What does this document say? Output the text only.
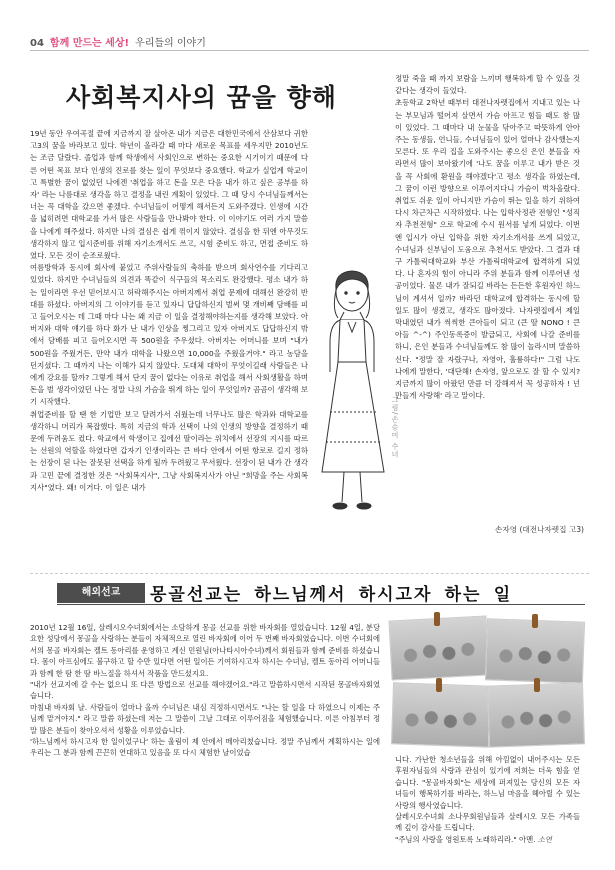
04 함께 만드는 세상! 우리들의 이야기
사회복지사의 꿈을 향해

19년 동안 우여곡절 끝에 지금까지 잘 살아온 내가 지금은 대한민국에서 산삼보다 귀한 고3의 꿈을 바라보고 있다. 학년이 올라갈 때 마다 새로운 목표를 세우지만 2010년도는 조금 달랐다. 졸업과 함께 학생에서 사회인으로 변하는 중요한 시기이기 때문에 다른 어떤 목표 보다 인생의 진로를 찾는 일이 무엇보다 중요했다. 학교가 실업계 학교이고 특별한 꿈이 없었던 나에겐 '취업을 하고 돈을 모은 다음 내가 하고 싶은 공부를 하자' 라는 나름대로 생각을 하고 결정을 내린 계획이 있었다. 그 때 당시 수녀님들께서는 너는 꼭 대학을 갔으면 좋겠다. 수녀님들이 어떻게 해서든지 도와주겠다. 인생에 시간을 넓히려면 대학교를 가서 많은 사람들을 만나봐야 한다. 이 이야기도 여러 가지 말씀을 나에게 해주셨다. 하지만 나의 결심은 쉽게 꺾이지 않았다. 결심을 한 뒤엔 아무것도 생각하지 않고 입시준비를 위해 자기소개서도 쓰고, 시험 준비도 하고, 면접 준비도 하였다. 모든 것이 순조로웠다.

여름방학과 동시에 회사에 붙었고 주위사람들의 축하를 받으며 회사연수를 기다리고 있었다. 하지만 수녀님들의 의견과 똑같이 식구들의 목소리도 완강했다. 평소 내가 하는 일이라면 우선 믿어보시고 허락해주시는 아버지께서 취업 문제에 대해선 완강히 반대를 하셨다. 아버지의 그 이야기를 듣고 있자니 답답하신지 벌써 몇 개비째 담배를 피고 들어오시는 데 그때 마다 나는 왜 지금 이 일을 결정해야하는지를 생각해 보았다. 아버지와 대학 얘기를 하다 화가 난 내가 인상을 찡그리고 있자 아버지도 답답하신지 밖에서 담배를 피고 들어오시면 꼭 500원을 주우셨다. 아버지는 어머니를 보며 "내가 500원을 주웠거든, 만약 내가 대학을 나왔으면 10,000을 주웠을거야." 라고 농담을 던지셨다. 그 때까지 나는 이해가 되지 않았다. 도대체 대학이 무엇이길래 사람들은 나에게 강요를 할까? 그렇게 해서 단지 꿈이 없다는 이유로 취업을 해서 사회생활을 하며 돈을 벌 생각이었던 나는 정말 나의 가슴을 뛰게 하는 일이 무엇일까? 곰곰이 생각해 보기 시작했다.

취업준비를 할 땐 한 기업만 보고 달려가서 쉬웠는데 너무나도 많은 학과와 대학교를 생각하니 머리가 복잡했다. 특히 지금의 학과 선택이 나의 인생의 방향을 결정하기 때문에 두려움도 컸다. 학교에서 학생이고 집에선 딸이라는 위치에서 선장의 지시를 따르는 선원의 역할을 하였다면 갑자기 인생이라는 큰 바다 안에서 어떤 항로로 길지 정하는 선장이 된 나는 잘못된 선택을 하게 될까 두려웠고 무서웠다. 선장이 된 내가 간 생각과 고민 끝에 결정한 것은 "사회복지사", 그냥 사회복지사가 아닌 "희망을 주는 사회복지사"였다. 왜! 이거다. 이 일은 내가

그림/손승미 수녀

정말 죽을 때 까지 보람을 느끼며 행복하게 할 수 있을 것 같다는 생각이 들었다.

초등학교 2학년 때부터 대전나자렛집에서 지내고 있는 나는 부모님과 떨어져 살면서 가슴 아프고 힘들 때도 참 많이 있었다. 그 때마다 내 눈물을 닦아주고 따뜻하게 안아주는 동생들, 언니들, 수녀님들이 있어 얼마나 감사했는지 모른다. 또 우리 집을 도와주시는 좋으신 은인 분들을 자라면서 많이 보아왔기에 '나도 꿈을 이루고 내가 받은 것을 꼭 사회에 환원을 해야겠다'고 평소 생각을 하였는데, 그 꿈이 이런 방향으로 이루어지다니 가슴이 벅차올랐다. 취업도 쉬운 일이 아니지만 가슴이 뛰는 일을 하기 위하여 다시 차근차근 시작하였다. 나는 입학사정관 전형인 "성직자 추천전형" 으로 학교에 수시 원서를 넣게 되었다. 이번엔 입시가 아닌 입학을 위한 자기소개서를 쓰게 되었고, 수녀님과 신부님이 도움으로 추천서도 받았다. 그 결과 대구 가톨릭대학교와 부산 가톨릭대학교에 합격하게 되었다. 나 혼자의 힘이 아니라 주위 분들과 함께 이루어낸 성공이었다. 물론 내가 잘되길 바라는 든든한 후원자인 하느님이 계셔서 일까? 바라던 대학교에 합격하는 동시에 할 일도 많이 생겼고, 생각도 많아졌다. 나자렛집에서 제일 막내였던 내가 씩씩한 큰아들이 되고 (큰 딸 NONO ! 큰 아들 ^-^) 주인동록증이 발급되고, 사회에 나갈 준비를 하니, 은인 분들과 수녀님들께도 참 많이 놀라시며 말씀하신다. "정말 잘 자랐구나, 자영아, 훌륭하다!" 그럼 나도 나에게 말한다, '대단해! 손자영, 앞으로도 잘 할 수 있지? 지금까지 많이 아팠던 만큼 더 강해져서 꼭 성공하자 ! 넌 만들게 사랑해' 라고 말이다.

손자영 (대전나자렛집 고3)
해외선교	몽골선교는 하느님께서 하시고자 하는 일

2010년 12월 16일, 살레시오수녀회에서는 소담하게 몽골 선교를 위한 바자회를 열었습니다. 12월 4일, 분당 요한 성당에서 몽골을 사랑하는 분들이 자체적으로 열린 바자회에 이어 두 번째 바자회였습니다. 이번 수녀회에서의 몽골 바자회는 켈트 동아리를 운영하고 계신 민원님(아나타시아수녀)께서 회원들과 함께 준비를 하셨습니다. 몸이 아프심에도 불구하고 할 수만 있다면 어떤 일이든 기여하시고자 하시는 수녀님, 켈트 동아리 어머니들과 함께 한 땀 한 땀 바느질을 하셔서 작품을 만드셨지요.

"내가 선교지에 갈 수는 없으니 또 다른 방법으로 선교를 해야겠어요."라고 말씀하시면서 시작된 몽골바자회였습니다.

마침내 바자회 날. 사람들이 얼마나 올까 수녀님은 내심 걱정하시면서도 "나는 할 일을 다 하였으니 이제는 주님께 맡겨야지." 라고 말씀 하셨는데 저는 그 말씀이 그날 그대로 이루어짐을 체험했습니다. 이른 아침부터 정말 많은 분들이 찾아오셔서 성황을 이루었습니다.

'하느님께서 하시고자 한 일이었구나' 하는 울림이 제 안에서 메아리쳤습니다. 정말 주님께서 계획하시는 일에 우리는 그 분과 함께 끈끈히 연대하고 있음을 또 다시 체험한 날이었습

니다. 가난한 청소년들을 위해 아낌없이 내어주시는 모든 후원자님들의 사랑과 관심이 있기에 저희는 더욱 힘을 얻습니다. "몽골바자회"는 세상에 퍼져있는 당신의 모든 자녀들이 행복하기를 바라는, 하느님 마음을 헤아릴 수 있는 사랑의 행사였습니다.

살레시오수녀회 소나무회원님들과 살레시오 모든 가족들께 깊이 감사를 드립니다.

"주님의 사랑을 영원토록 노래하리라." 아멘. 소연
